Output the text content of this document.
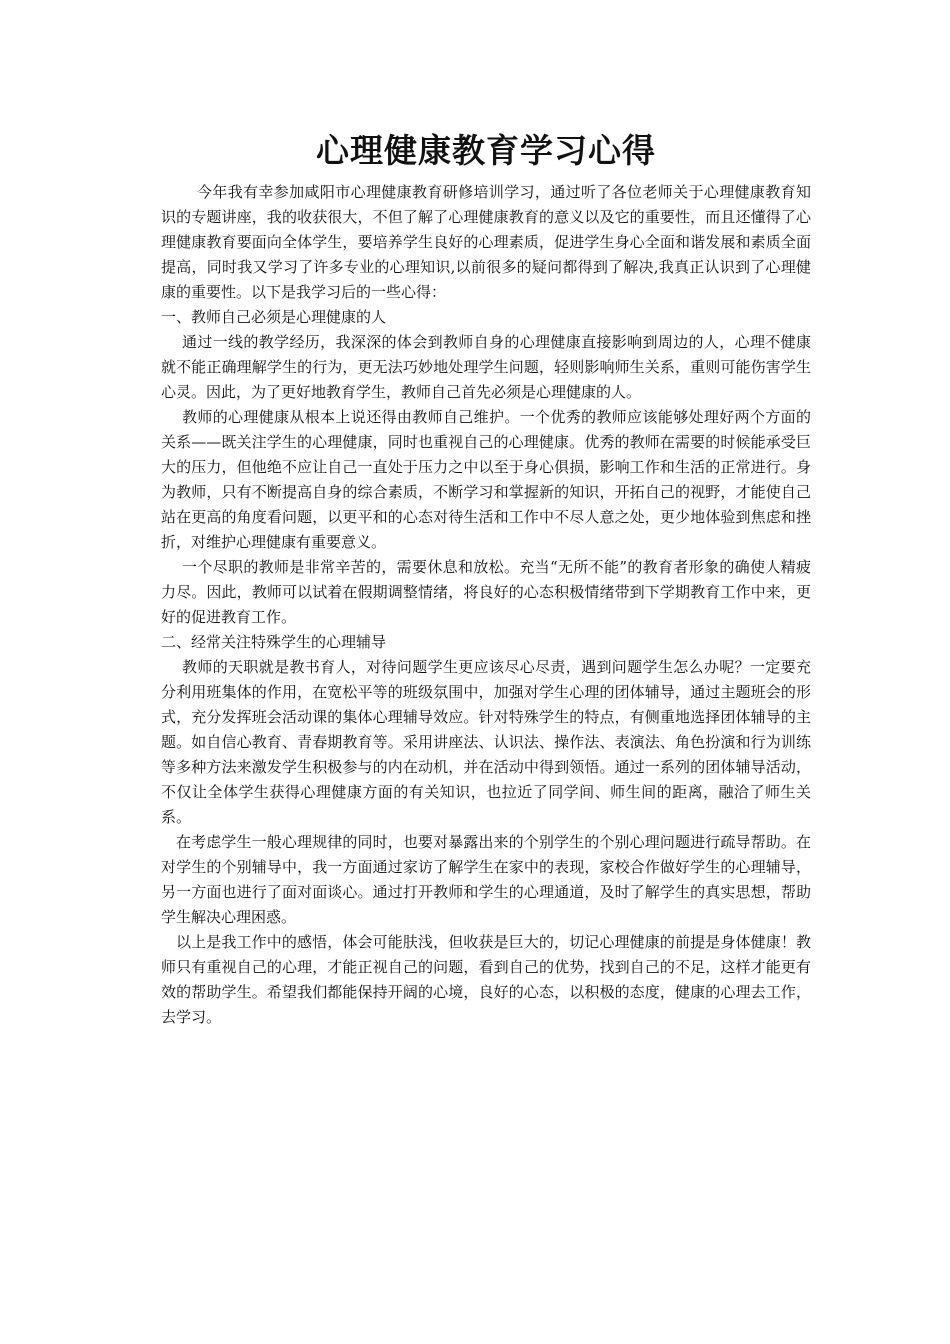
心理健康教育学习心得

今年我有幸参加咸阳市心理健康教育研修培训学习，通过听了各位老师关于心理健康教育知识的专题讲座，我的收获很大，不但了解了心理健康教育的意义以及它的重要性，而且还懂得了心理健康教育要面向全体学生，要培养学生良好的心理素质，促进学生身心全面和谐发展和素质全面提高，同时我又学习了许多专业的心理知识,以前很多的疑问都得到了解决,我真正认识到了心理健康的重要性。以下是我学习后的一些心得：

一、教师自己必须是心理健康的人

通过一线的教学经历，我深深的体会到教师自身的心理健康直接影响到周边的人，心理不健康就不能正确理解学生的行为，更无法巧妙地处理学生问题，轻则影响师生关系，重则可能伤害学生心灵。因此，为了更好地教育学生，教师自己首先必须是心理健康的人。

教师的心理健康从根本上说还得由教师自己维护。一个优秀的教师应该能够处理好两个方面的关系——既关注学生的心理健康，同时也重视自己的心理健康。优秀的教师在需要的时候能承受巨大的压力，但他绝不应让自己一直处于压力之中以至于身心俱损，影响工作和生活的正常进行。身为教师，只有不断提高自身的综合素质，不断学习和掌握新的知识，开拓自己的视野，才能使自己站在更高的角度看问题，以更平和的心态对待生活和工作中不尽人意之处，更少地体验到焦虑和挫折，对维护心理健康有重要意义。

一个尽职的教师是非常辛苦的，需要休息和放松。充当“无所不能”的教育者形象的确使人精疲力尽。因此，教师可以试着在假期调整情绪，将良好的心态积极情绪带到下学期教育工作中来，更好的促进教育工作。

二、经常关注特殊学生的心理辅导

教师的天职就是教书育人，对待问题学生更应该尽心尽责，遇到问题学生怎么办呢？一定要充分利用班集体的作用，在宽松平等的班级氛围中，加强对学生心理的团体辅导，通过主题班会的形式，充分发挥班会活动课的集体心理辅导效应。针对特殊学生的特点，有侧重地选择团体辅导的主题。如自信心教育、青春期教育等。采用讲座法、认识法、操作法、表演法、角色扮演和行为训练等多种方法来激发学生积极参与的内在动机，并在活动中得到领悟。通过一系列的团体辅导活动，不仅让全体学生获得心理健康方面的有关知识，也拉近了同学间、师生间的距离，融洽了师生关系。

在考虑学生一般心理规律的同时，也要对暴露出来的个别学生的个别心理问题进行疏导帮助。在对学生的个别辅导中，我一方面通过家访了解学生在家中的表现，家校合作做好学生的心理辅导，另一方面也进行了面对面谈心。通过打开教师和学生的心理通道，及时了解学生的真实思想，帮助学生解决心理困惑。

以上是我工作中的感悟，体会可能肤浅，但收获是巨大的，切记心理健康的前提是身体健康！教师只有重视自己的心理，才能正视自己的问题，看到自己的优势，找到自己的不足，这样才能更有效的帮助学生。希望我们都能保持开阔的心境，良好的心态，以积极的态度，健康的心理去工作，去学习。
